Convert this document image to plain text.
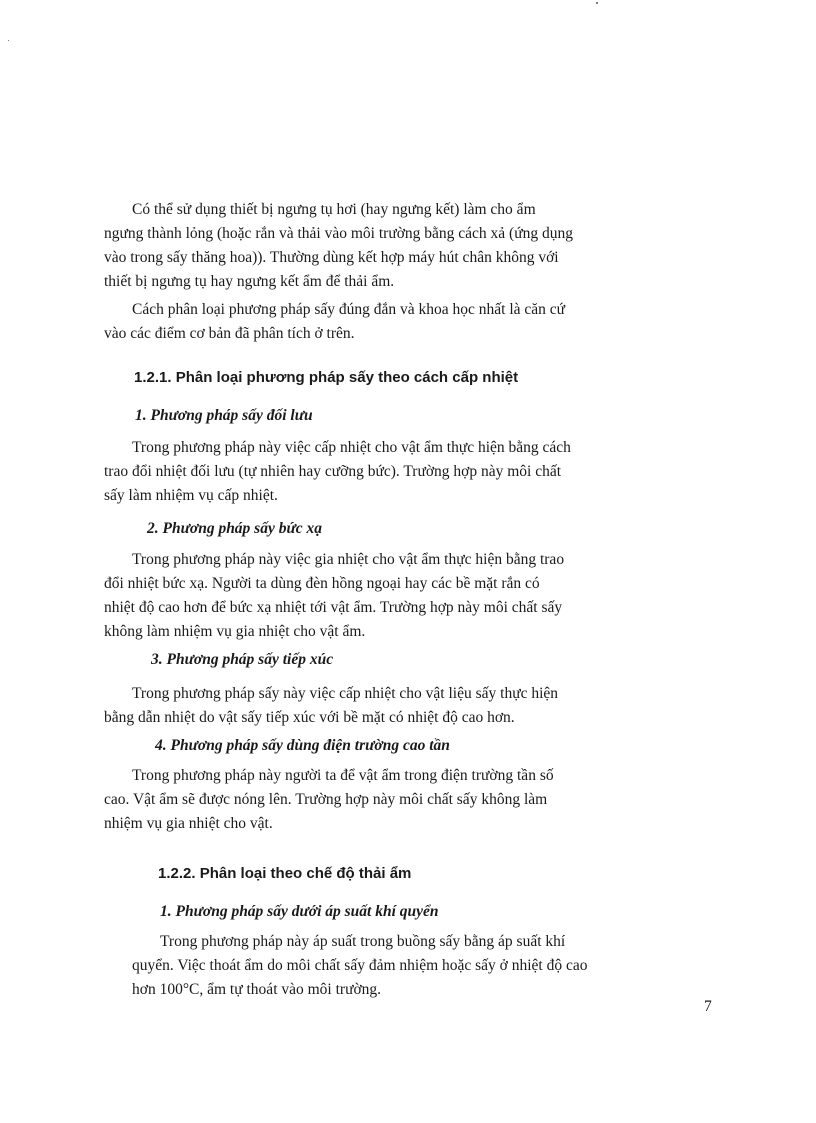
Có thể sử dụng thiết bị ngưng tụ hơi (hay ngưng kết) làm cho ẩm
ngưng thành lỏng (hoặc rắn và thải vào môi trường bằng cách xả (ứng dụng
vào trong sấy thăng hoa)). Thường dùng kết hợp máy hút chân không với
thiết bị ngưng tụ hay ngưng kết ẩm để thải ẩm.
Cách phân loại phương pháp sấy đúng đắn và khoa học nhất là căn cứ
vào các điểm cơ bản đã phân tích ở trên.
1.2.1. Phân loại phương pháp sấy theo cách cấp nhiệt
1. Phương pháp sấy đối lưu
Trong phương pháp này việc cấp nhiệt cho vật ẩm thực hiện bằng cách
trao đổi nhiệt đối lưu (tự nhiên hay cưỡng bức). Trường hợp này môi chất
sấy làm nhiệm vụ cấp nhiệt.
2. Phương pháp sấy bức xạ
Trong phương pháp này việc gia nhiệt cho vật ẩm thực hiện bằng trao
đổi nhiệt bức xạ. Người ta dùng đèn hồng ngoại hay các bề mặt rắn có
nhiệt độ cao hơn để bức xạ nhiệt tới vật ẩm. Trường hợp này môi chất sấy
không làm nhiệm vụ gia nhiệt cho vật ẩm.
3. Phương pháp sấy tiếp xúc
Trong phương pháp sấy này việc cấp nhiệt cho vật liệu sấy thực hiện
bằng dẫn nhiệt do vật sấy tiếp xúc với bề mặt có nhiệt độ cao hơn.
4. Phương pháp sấy dùng điện trường cao tần
Trong phương pháp này người ta để vật ẩm trong điện trường tần số
cao. Vật ẩm sẽ được nóng lên. Trường hợp này môi chất sấy không làm
nhiệm vụ gia nhiệt cho vật.
1.2.2. Phân loại theo chế độ thải ẩm
1. Phương pháp sấy dưới áp suất khí quyển
Trong phương pháp này áp suất trong buồng sấy bằng áp suất khí
quyển. Việc thoát ẩm do môi chất sấy đảm nhiệm hoặc sấy ở nhiệt độ cao
hơn 100°C, ẩm tự thoát vào môi trường.
7
